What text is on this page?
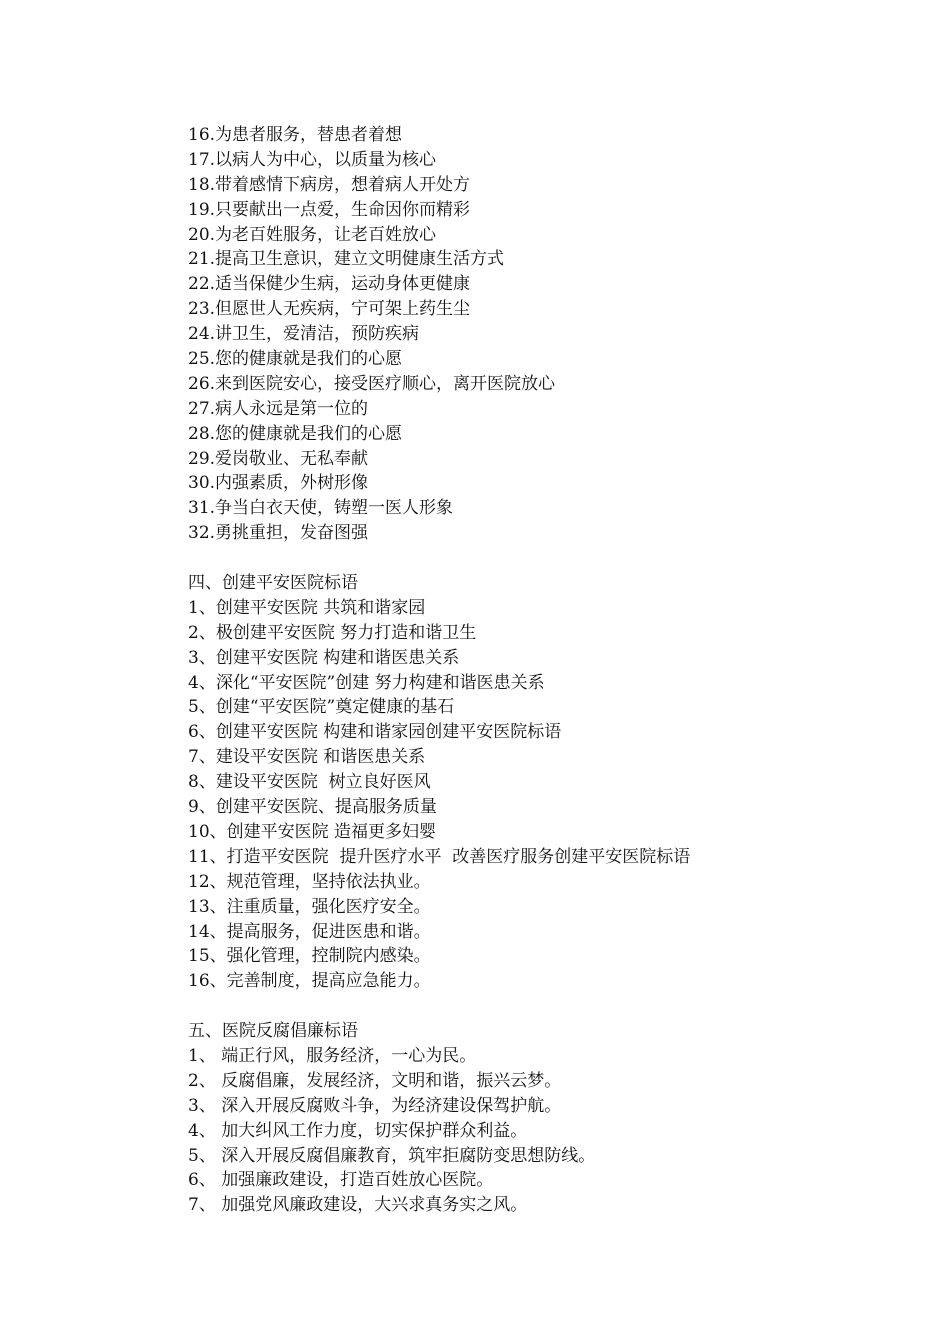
16.为患者服务，替患者着想
17.以病人为中心，以质量为核心
18.带着感情下病房，想着病人开处方
19.只要献出一点爱，生命因你而精彩
20.为老百姓服务，让老百姓放心
21.提高卫生意识，建立文明健康生活方式
22.适当保健少生病，运动身体更健康
23.但愿世人无疾病，宁可架上药生尘
24.讲卫生，爱清洁，预防疾病
25.您的健康就是我们的心愿
26.来到医院安心，接受医疗顺心，离开医院放心
27.病人永远是第一位的
28.您的健康就是我们的心愿
29.爱岗敬业、无私奉献
30.内强素质，外树形像
31.争当白衣天使，铸塑一医人形象
32.勇挑重担，发奋图强
四、创建平安医院标语
1、创建平安医院 共筑和谐家园
2、极创建平安医院 努力打造和谐卫生
3、创建平安医院 构建和谐医患关系
4、深化“平安医院”创建 努力构建和谐医患关系
5、创建“平安医院”奠定健康的基石
6、创建平安医院 构建和谐家园创建平安医院标语
7、建设平安医院 和谐医患关系
8、建设平安医院  树立良好医风
9、创建平安医院、提高服务质量
10、创建平安医院 造福更多妇婴
11、打造平安医院  提升医疗水平  改善医疗服务创建平安医院标语
12、规范管理，坚持依法执业。
13、注重质量，强化医疗安全。
14、提高服务，促进医患和谐。
15、强化管理，控制院内感染。
16、完善制度，提高应急能力。
五、医院反腐倡廉标语
1、 端正行风，服务经济，一心为民。
2、 反腐倡廉，发展经济，文明和谐，振兴云梦。
3、 深入开展反腐败斗争，为经济建设保驾护航。
4、 加大纠风工作力度，切实保护群众利益。
5、 深入开展反腐倡廉教育，筑牢拒腐防变思想防线。
6、 加强廉政建设，打造百姓放心医院。
7、 加强党风廉政建设，大兴求真务实之风。
